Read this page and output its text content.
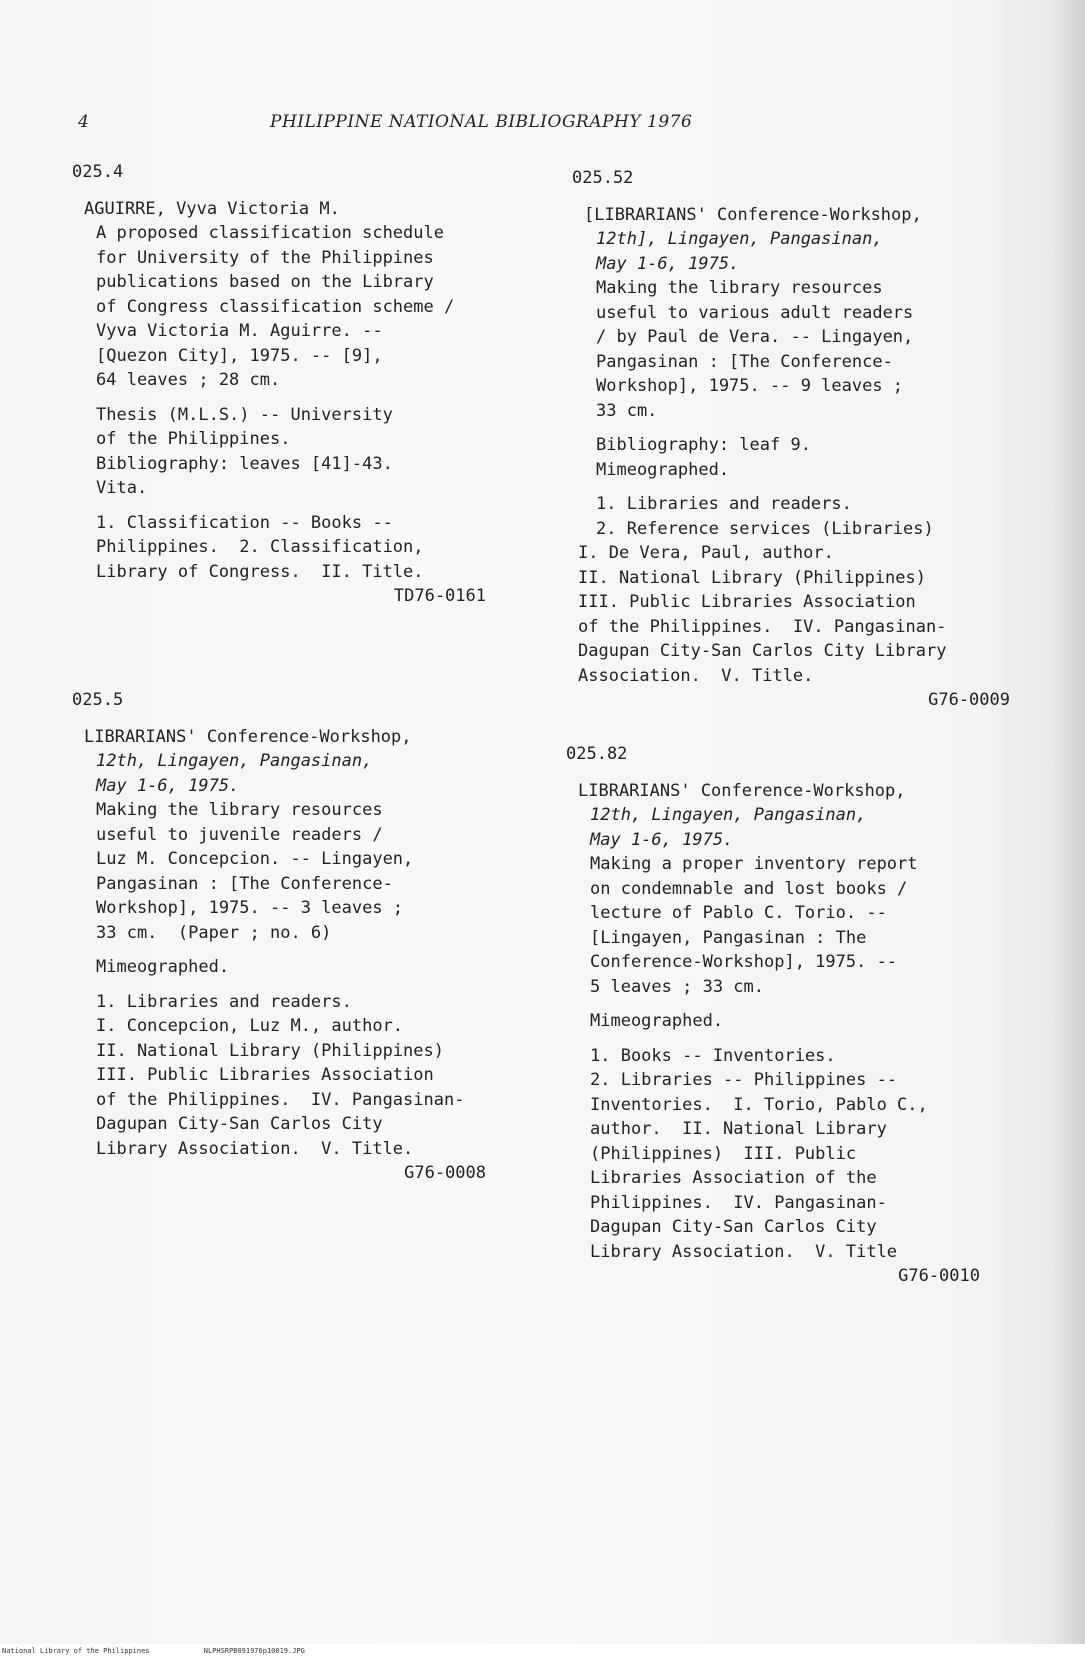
4	PHILIPPINE NATIONAL BIBLIOGRAPHY 1976
025.4
AGUIRRE, Vyva Victoria M.
A proposed classification schedule
for University of the Philippines
publications based on the Library
of Congress classification scheme /
Vyva Victoria M. Aguirre. --
[Quezon City], 1975. -- [9],
64 leaves ; 28 cm.
Thesis (M.L.S.) -- University
of the Philippines.
Bibliography: leaves [41]-43.
Vita.
1. Classification -- Books --
Philippines.  2. Classification,
Library of Congress.  II. Title.
TD76-0161
025.5
LIBRARIANS' Conference-Workshop,
12th, Lingayen, Pangasinan,
May 1-6, 1975.
Making the library resources
useful to juvenile readers /
Luz M. Concepcion. -- Lingayen,
Pangasinan : [The Conference-
Workshop], 1975. -- 3 leaves ;
33 cm.  (Paper ; no. 6)
Mimeographed.
1. Libraries and readers.
I. Concepcion, Luz M., author.
II. National Library (Philippines)
III. Public Libraries Association
of the Philippines.  IV. Pangasinan-
Dagupan City-San Carlos City
Library Association.  V. Title.
G76-0008
025.52
[LIBRARIANS' Conference-Workshop,
12th], Lingayen, Pangasinan,
May 1-6, 1975.
Making the library resources
useful to various adult readers
/ by Paul de Vera. -- Lingayen,
Pangasinan : [The Conference-
Workshop], 1975. -- 9 leaves ;
33 cm.
Bibliography: leaf 9.
Mimeographed.
1. Libraries and readers.
2. Reference services (Libraries)
I. De Vera, Paul, author.
II. National Library (Philippines)
III. Public Libraries Association
of the Philippines.  IV. Pangasinan-
Dagupan City-San Carlos City Library
Association.  V. Title.
G76-0009
025.82
LIBRARIANS' Conference-Workshop,
12th, Lingayen, Pangasinan,
May 1-6, 1975.
Making a proper inventory report
on condemnable and lost books /
lecture of Pablo C. Torio. --
[Lingayen, Pangasinan : The
Conference-Workshop], 1975. --
5 leaves ; 33 cm.
Mimeographed.
1. Books -- Inventories.
2. Libraries -- Philippines --
Inventories.  I. Torio, Pablo C.,
author.  II. National Library
(Philippines)  III. Public
Libraries Association of the
Philippines.  IV. Pangasinan-
Dagupan City-San Carlos City
Library Association.  V. Title
G76-0010
National Library of the Philippines	NLPHSRPB091976p10019.JPG
